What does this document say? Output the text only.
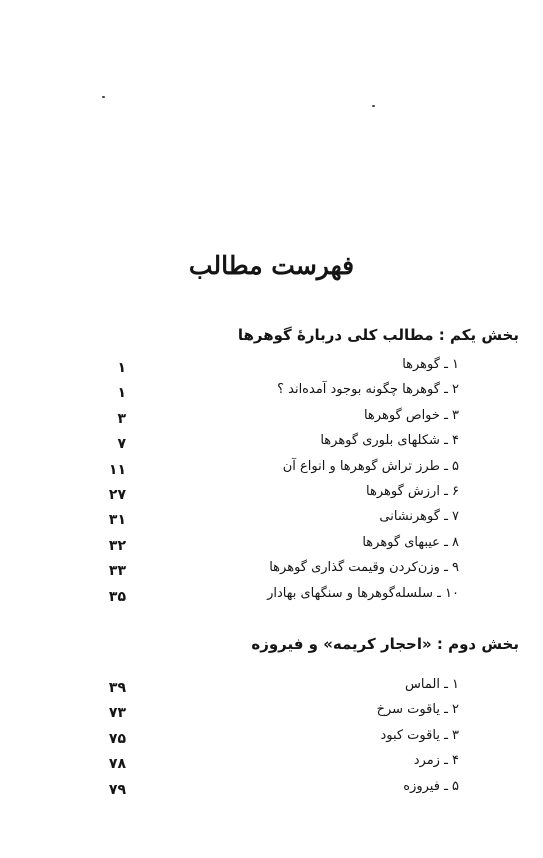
فهرست مطالب
بخش یکم : مطالب کلی دربارهٔ گوهرها
۱ ـ گوهرها
۲ ـ گوهرها چگونه بوجود آمده‌اند ؟
۳ ـ خواص گوهرها
۴ ـ شکلهای بلوری گوهرها
۵ ـ طرز تراش گوهرها و انواع آن
۶ ـ ارزش گوهرها
۷ ـ گوهرنشانی
۸ ـ عیبهای گوهرها
۹ ـ وزن‌کردن وقیمت گذاری گوهرها
۱۰ ـ سلسله‌گوهرها و سنگهای بهادار
۱
۱
۳
۷
۱۱
۲۷
۳۱
۳۲
۳۳
۳۵
بخش دوم : «احجار کریمه» و فیروزه
۱ ـ الماس
۲ ـ یاقوت سرخ
۳ ـ یاقوت کبود
۴ ـ زمرد
۵ ـ فیروزه
۳۹
۷۳
۷۵
۷۸
۷۹
